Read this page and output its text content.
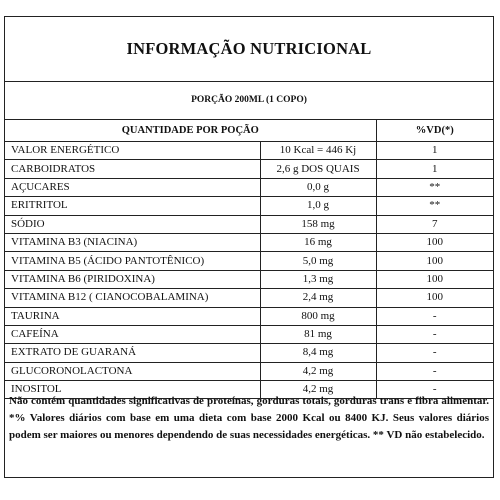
INFORMAÇÃO NUTRICIONAL
PORÇÃO 200ML (1 COPO)
QUANTIDADE POR POÇÃO		%VD(*)
VALOR ENERGÉTICO	10 Kcal = 446 Kj	1
CARBOIDRATOS	2,6 g DOS QUAIS	1
AÇUCARES	0,0 g	**
ERITRITOL	1,0 g	**
SÓDIO	158 mg	7
VITAMINA B3 (NIACINA)	16 mg	100
VITAMINA B5 (ÁCIDO PANTOTÊNICO)	5,0 mg	100
VITAMINA B6 (PIRIDOXINA)	1,3 mg	100
VITAMINA B12 ( CIANOCOBALAMINA)	2,4 mg	100
TAURINA	800 mg	-
CAFEÍNA	81 mg	-
EXTRATO DE GUARANÁ	8,4 mg	-
GLUCORONOLACTONA	4,2 mg	-
INOSITOL	4,2 mg	-
Não contém quantidades significativas de proteínas, gorduras totais, gorduras trans e fibra alimentar. *% Valores diários com base em uma dieta com base 2000 Kcal ou 8400 KJ. Seus valores diários podem ser maiores ou menores dependendo de suas necessidades energéticas. ** VD não estabelecido.
